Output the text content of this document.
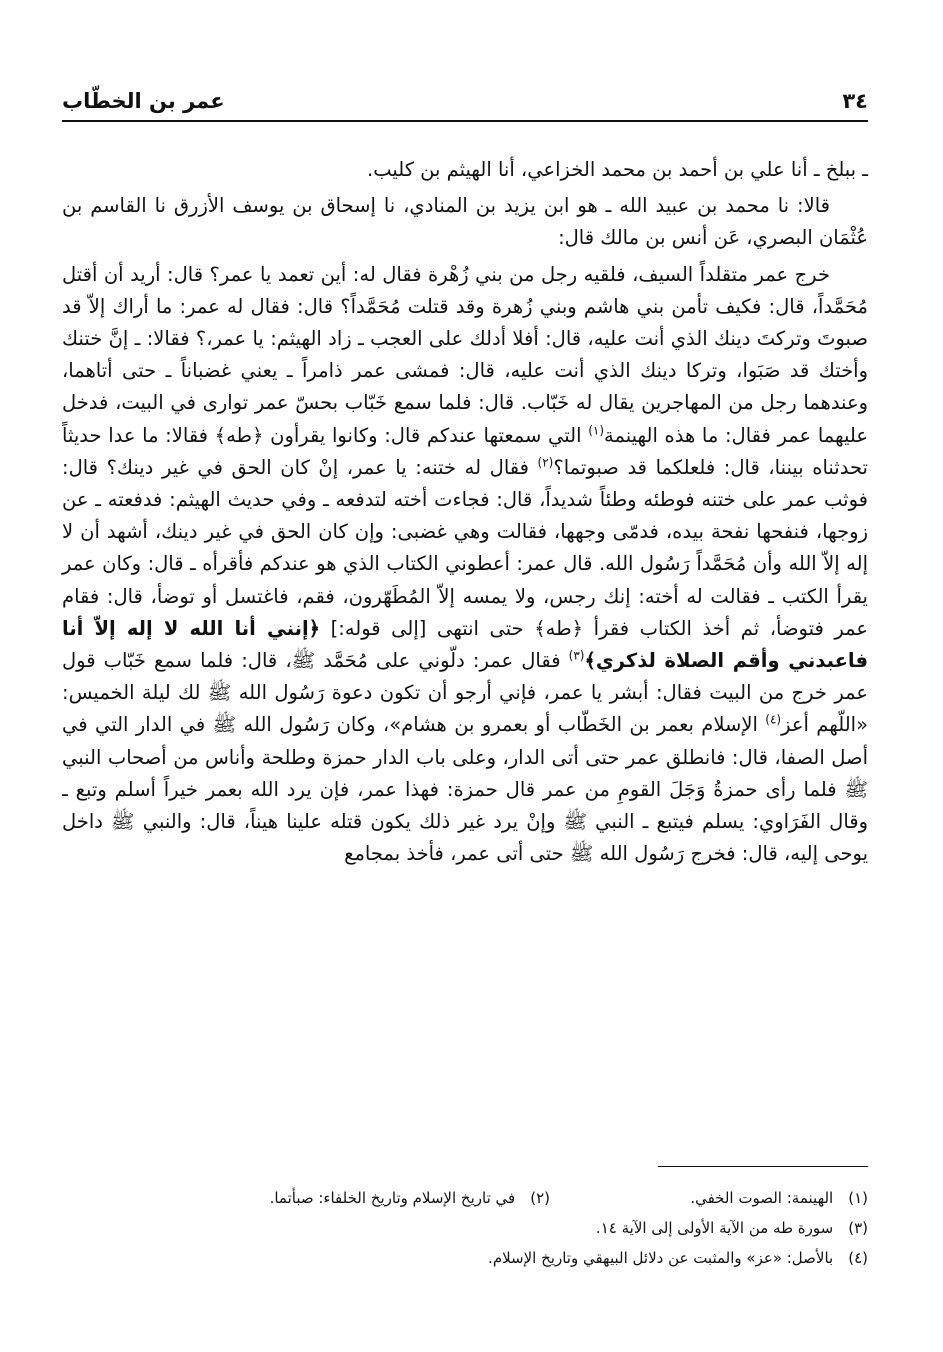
٣٤
عمر بن الخطّاب

ـ ببلخ ـ أنا علي بن أحمد بن محمد الخزاعي، أنا الهيثم بن كليب.

قالا: نا محمد بن عبيد الله ـ هو ابن يزيد بن المنادي، نا إسحاق بن يوسف الأزرق نا القاسم بن عُثْمَان البصري، عَن أنس بن مالك قال:

خرج عمر متقلداً السيف، فلقيه رجل من بني زُهْرة فقال له: أين تعمد يا عمر؟ قال: أريد أن أقتل مُحَمَّداً، قال: فكيف تأمن بني هاشم وبني زُهرة وقد قتلت مُحَمَّداً؟ قال: فقال له عمر: ما أراك إلاّ قد صبوتَ وتركتَ دينك الذي أنت عليه، قال: أفلا أدلك على العجب ـ زاد الهيثم: يا عمر،؟ فقالا: ـ إنَّ ختنك وأختك قد صَبَوا، وتركا دينك الذي أنت عليه، قال: فمشى عمر ذامراً ـ يعني غضباناً ـ حتى أتاهما، وعندهما رجل من المهاجرين يقال له خَبّاب. قال: فلما سمع خَبّاب بحسّ عمر توارى في البيت، فدخل عليهما عمر فقال: ما هذه الهينمة$^{(١)}$ التي سمعتها عندكم قال: وكانوا يقرأون ﴿طه﴾ فقالا: ما عدا حديثاً تحدثناه بيننا، قال: فلعلكما قد صبوتما؟$^{(٢)}$ فقال له ختنه: يا عمر، إنْ كان الحق في غير دينك؟ قال: فوثب عمر على ختنه فوطئه وطئاً شديداً، قال: فجاءت أخته لتدفعه ـ وفي حديث الهيثم: فدفعته ـ عن زوجها، فنفحها نفحة بيده، فدمّى وجهها، فقالت وهي غضبى: وإن كان الحق في غير دينك، أشهد أن لا إله إلاّ الله وأن مُحَمَّداً رَسُول الله. قال عمر: أعطوني الكتاب الذي هو عندكم فأقرأه ـ قال: وكان عمر يقرأ الكتب ـ فقالت له أخته: إنك رجس، ولا يمسه إلاّ المُطَهّرون، فقم، فاغتسل أو توضأ، قال: فقام عمر فتوضأ، ثم أخذ الكتاب فقرأ ﴿طه﴾ حتى انتهى [إلى قوله:] ﴿إنني أنا الله لا إله إلاّ أنا فاعبدني وأقم الصلاة لذكري﴾$^{(٣)}$ فقال عمر: دلّوني على مُحَمَّد ﷺ، قال: فلما سمع خَبّاب قول عمر خرج من البيت فقال: أبشر يا عمر، فإني أرجو أن تكون دعوة رَسُول الله ﷺ لك ليلة الخميس: «اللّهم أعز$^{(٤)}$ الإسلام بعمر بن الخَطّاب أو بعمرو بن هشام»، وكان رَسُول الله ﷺ في الدار التي في أصل الصفا، قال: فانطلق عمر حتى أتى الدار، وعلى باب الدار حمزة وطلحة وأناس من أصحاب النبي ﷺ فلما رأى حمزةُ وَجَلَ القومِ من عمر قال حمزة: فهذا عمر، فإن يرد الله بعمر خيراً أسلم وتبع ـ وقال الفَرَاوي: يسلم فيتبع ـ النبي ﷺ وإنْ يرد غير ذلك يكون قتله علينا هيناً، قال: والنبي ﷺ داخل يوحى إليه، قال: فخرج رَسُول الله ﷺ حتى أتى عمر، فأخذ بمجامع

(١) الهينمة: الصوت الخفي.
(٢) في تاريخ الإسلام وتاريخ الخلفاء: صبأتما.
(٣) سورة طه من الآية الأولى إلى الآية ١٤.
(٤) بالأصل: «عز» والمثبت عن دلائل البيهقي وتاريخ الإسلام.
